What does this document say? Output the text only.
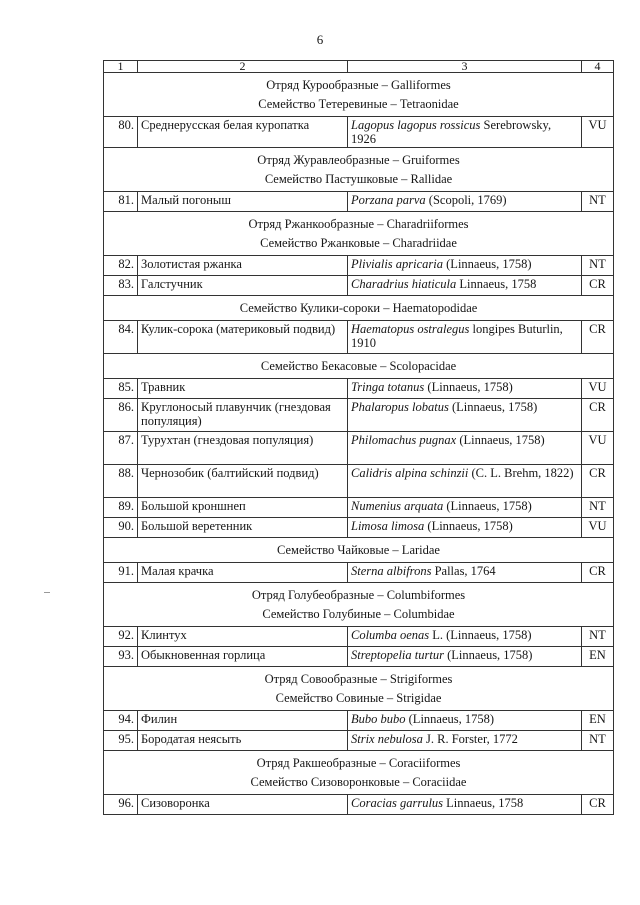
6
1	2	3	4

Отряд Курообразные – Galliformes
Семейство Тетеревиные – Tetraonidae			

80.	Среднерусская белая куропатка	Lagopus lagopus rossicus Serebrowsky, 1926	VU

Отряд Журавлеобразные – Gruiformes
Семейство Пастушковые – Rallidae			

81.	Малый погоныш	Porzana parva (Scopoli, 1769)	NT

Отряд Ржанкообразные – Charadriiformes
Семейство Ржанковые – Charadriidae			

82.	Золотистая ржанка	Plivialis apricaria (Linnaeus, 1758)	NT
83.	Галстучник	Charadrius hiaticula Linnaeus, 1758	CR

Семейство Кулики-сороки – Haematopodidae			

84.	Кулик-сорока (материковый подвид)	Haematopus ostralegus longipes Buturlin, 1910	CR

Семейство Бекасовые – Scolopacidae			

85.	Травник	Tringa totanus (Linnaeus, 1758)	VU
86.	Круглоносый плавунчик (гнездовая популяция)	Phalaropus lobatus (Linnaeus, 1758)	CR
87.	Турухтан (гнездовая популяция)	Philomachus pugnax (Linnaeus, 1758)	VU
88.	Чернозобик (балтийский подвид)	Calidris alpina schinzii (C. L. Brehm, 1822)	CR
89.	Большой кроншнеп	Numenius arquata (Linnaeus, 1758)	NT
90.	Большой веретенник	Limosa limosa (Linnaeus, 1758)	VU

Семейство Чайковые – Laridae			

91.	Малая крачка	Sterna albifrons Pallas, 1764	CR

Отряд Голубеобразные – Columbiformes
Семейство Голубиные – Columbidae			

92.	Клинтух	Columba oenas L. (Linnaeus, 1758)	NT
93.	Обыкновенная горлица	Streptopelia turtur (Linnaeus, 1758)	EN

Отряд Совообразные – Strigiformes
Семейство Совиные – Strigidae			

94.	Филин	Bubo bubo (Linnaeus, 1758)	EN
95.	Бородатая неясыть	Strix nebulosa J. R. Forster, 1772	NT

Отряд Ракшеобразные – Coraciiformes
Семейство Сизоворонковые – Coraciidae			

96.	Сизоворонка	Coracias garrulus Linnaeus, 1758	CR
